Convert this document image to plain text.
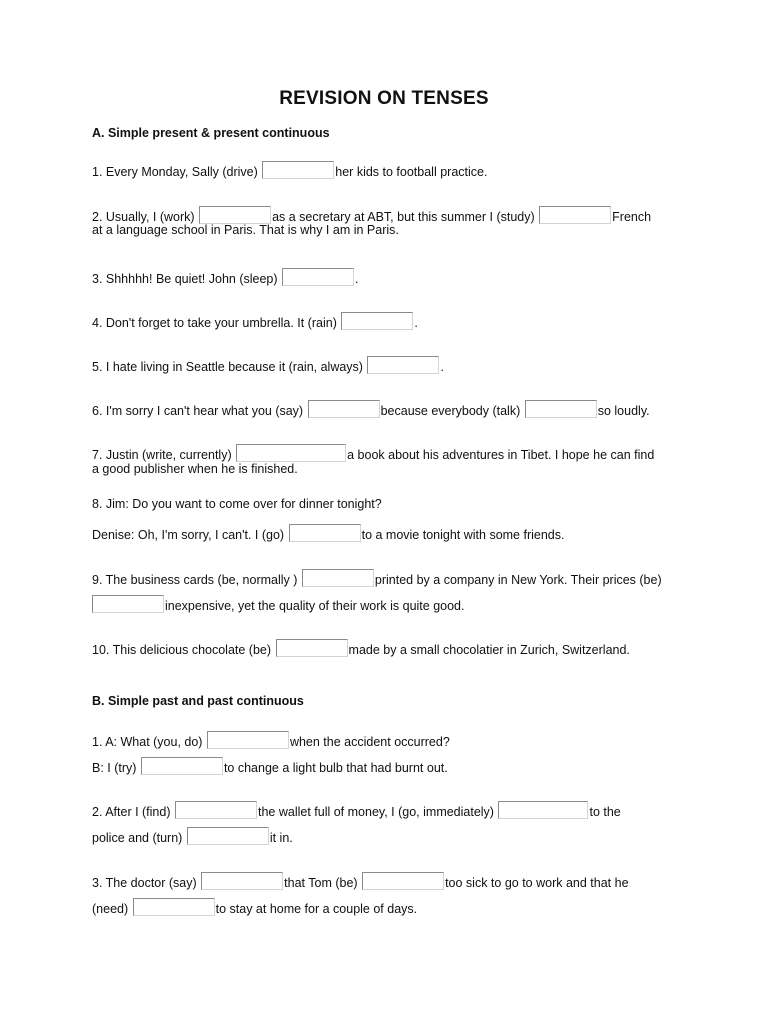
REVISION ON TENSES
A. Simple present & present continuous
1. Every Monday, Sally (drive)	her kids to football practice.
2. Usually, I (work)	as a secretary at ABT, but this summer I (study)	French
at a language school in Paris. That is why I am in Paris.
3. Shhhhh! Be quiet! John (sleep)	.
4. Don't forget to take your umbrella. It (rain)	.
5. I hate living in Seattle because it (rain, always)	.
6. I'm sorry I can't hear what you (say)	because everybody (talk)	so loudly.
7. Justin (write, currently)	a book about his adventures in Tibet. I hope he can find
a good publisher when he is finished.
8. Jim: Do you want to come over for dinner tonight?
Denise: Oh, I'm sorry, I can't. I (go)	to a movie tonight with some friends.
9. The business cards (be, normally )	printed by a company in New York. Their prices (be)
inexpensive, yet the quality of their work is quite good.
10. This delicious chocolate (be)	made by a small chocolatier in Zurich, Switzerland.
B. Simple past and past continuous
1. A: What (you, do)	when the accident occurred?
B: I (try)	to change a light bulb that had burnt out.
2. After I (find)	the wallet full of money, I (go, immediately)	to the
police and (turn)	it in.
3. The doctor (say)	that Tom (be)	too sick to go to work and that he
(need)	to stay at home for a couple of days.
